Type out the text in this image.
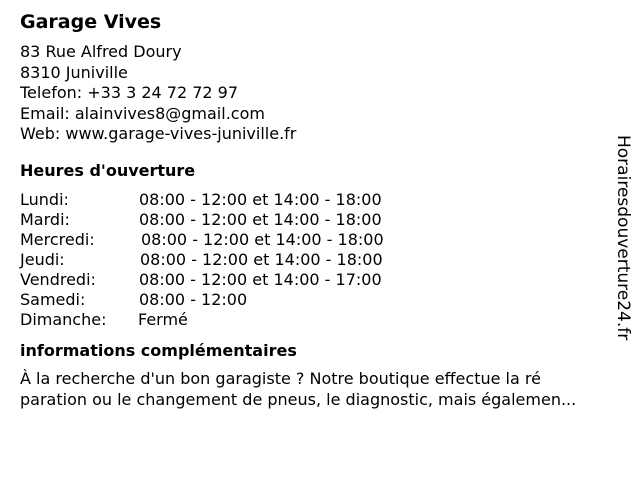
Garage Vives
83 Rue Alfred Doury
8310 Juniville
Telefon: +33 3 24 72 72 97
Email: alainvives8@gmail.com
Web: www.garage-vives-juniville.fr
Heures d'ouverture
Lundi:	08:00 - 12:00 et 14:00 - 18:00
Mardi:	08:00 - 12:00 et 14:00 - 18:00
Mercredi:	08:00 - 12:00 et 14:00 - 18:00
Jeudi:	08:00 - 12:00 et 14:00 - 18:00
Vendredi:	08:00 - 12:00 et 14:00 - 17:00
Samedi:	08:00 - 12:00
Dimanche: Fermé
informations complémentaires
À la recherche d'un bon garagiste ? Notre boutique effectue la ré
paration ou le changement de pneus, le diagnostic, mais égalemen...
Horairesdouverture24.fr
